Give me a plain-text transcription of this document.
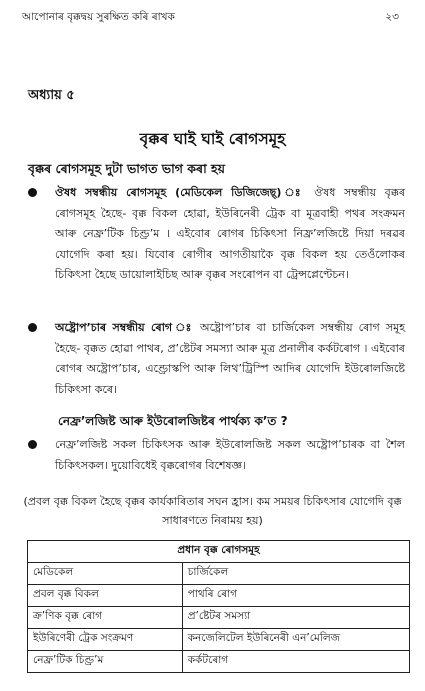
আপোনাৰ বৃক্কদ্বয় সুৰক্ষিত কৰি ৰাখক	২৩
অধ্যায় ৫
বৃক্কৰ ঘাই ঘাই ৰোগসমূহ
বৃক্কৰ ৰোগসমূহ দুটা ভাগত ভাগ কৰা হয়
ঔষধ সম্বন্ধীয় ৰোগসমূহ (মেডিকেল ডিজিজেছ্‌) ঃ ঔষধ সম্বন্ধীয় বৃক্কৰ ৰোগসমূহ হৈছে- বৃক্ক বিকল হোৱা, ইউৰিনেৰী ট্ৰেক বা মূত্ৰবাহী পথৰ সংক্ৰমন আৰু নেফ্ৰ’টিক চিণ্ড্ৰ’ম । এইবোৰ ৰোগৰ চিকিৎসা নিফ্ৰ’লজিষ্টে দিয়া দৰৱৰ যোগেদি কৰা হয়। যিবোৰ ৰোগীৰ আগতীয়াকৈ বৃক্ক বিকল হয় তেওঁলোকৰ চিকিৎসা হৈছে ডায়োলাইচিছ আৰু বৃক্কৰ সংৰোপন বা ট্ৰেন্সপ্লেণ্টেচন।
অষ্ট্ৰোপ’চাৰ সম্বন্ধীয় ৰোগ ঃ অষ্ট্ৰোপ’চাৰ বা চাৰ্জিকেল সম্বন্ধীয় ৰোগ সমূহ হৈছে- বৃক্কত হোৱা পাথৰ, প্ৰ’ষ্টেটৰ সমস্যা আৰু মূত্ৰ প্ৰনালীৰ কৰ্কটৰোগ । এইবোৰ ৰোগৰ অষ্ট্ৰোপ’চাৰ, এণ্ড্ৰোস্কপি আৰু লিথ’ট্ৰিস্পি আদিৰ যোগেদি ইউৰোলজিষ্টে চিকিৎসা কৰে।
নেফ্ৰ’লজিষ্ট আৰু ইউৰোলজিষ্টৰ পাৰ্থক্য ক’ত ?
নেফ্ৰ’লজিষ্ট সকল চিকিৎসক আৰু ইউৰোলজিষ্ট সকল অষ্ট্ৰোপ’চাৰক বা শৈল চিকিৎসকল। দুয়োবিধেই বৃক্কৰোগৰ বিশেষজ্ঞ।
(প্ৰবল বৃক্ক বিকল হৈছে বৃক্কৰ কাৰ্যকাৰিতাৰ সঘন হ্ৰাস। কম সময়ৰ চিকিৎসাৰ যোগেদি বৃক্ক সাধাৰণতে নিৰাময় হয়)
প্ৰধান বৃক্ক ৰোগসমূহ	
মেডিকেল	চাৰ্জিকেল
প্ৰবল বৃক্ক বিকল	পাথৰি ৰোগ
ক্ৰ’ণিক বৃক্ক ৰোগ	প্ৰ’ষ্টেটৰ সমস্যা
ইউৰিণেৰী ট্ৰেক সংক্ৰমণ	কনজেলিটেল ইউৰিনেৰী এন’মেলিজ
নেফ্ৰ’টিক চিণ্ড্ৰ’ম	কৰ্কটৰোগ
